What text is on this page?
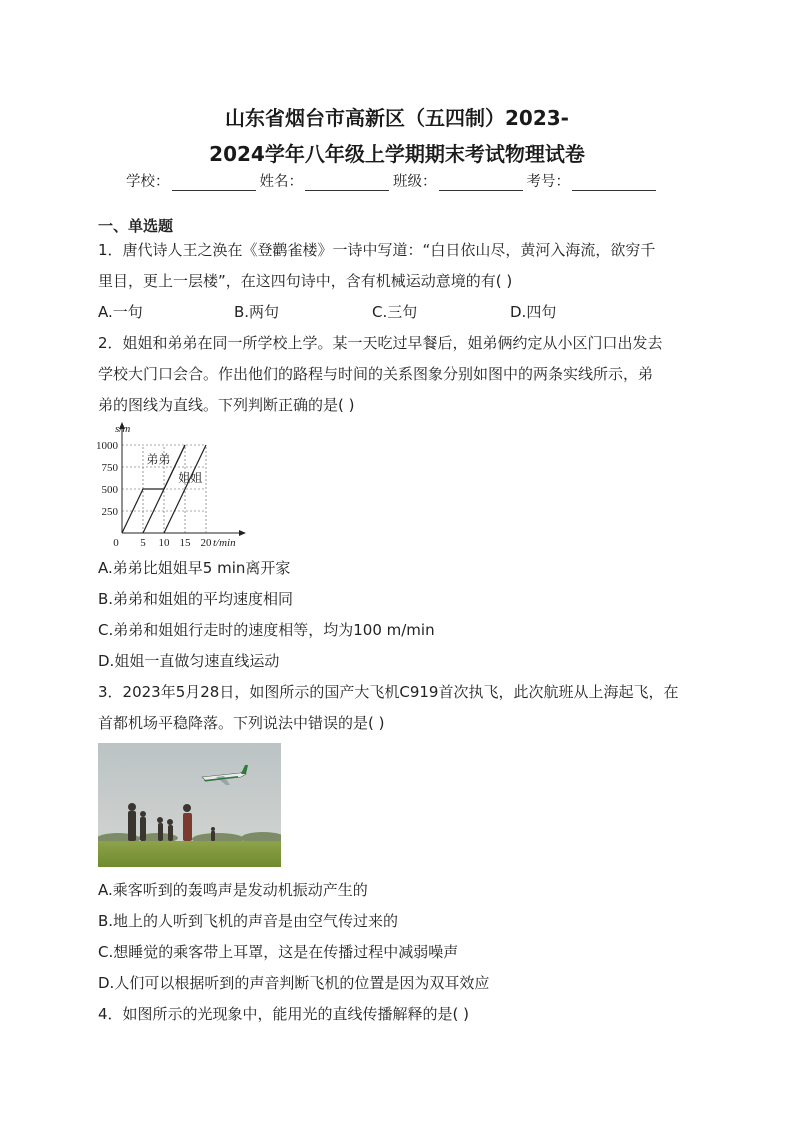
山东省烟台市高新区（五四制）2023-
2024学年八年级上学期期末考试物理试卷
学校：	姓名：	班级：	考号：
一、单选题
1．唐代诗人王之涣在《登鹳雀楼》一诗中写道：“白日依山尽，黄河入海流，欲穷千
里目，更上一层楼”，在这四句诗中，含有机械运动意境的有( )
A.一句	B.两句	C.三句	D.四句
2．姐姐和弟弟在同一所学校上学。某一天吃过早餐后，姐弟俩约定从小区门口出发去
学校大门口会合。作出他们的路程与时间的关系图象分别如图中的两条实线所示，弟
弟的图线为直线。下列判断正确的是( )
250
500
750
1000
5 10 15 20
0
s/m
t/min
弟弟
姐姐
A.弟弟比姐姐早5 min离开家
B.弟弟和姐姐的平均速度相同
C.弟弟和姐姐行走时的速度相等，均为100 m/min
D.姐姐一直做匀速直线运动
3．2023年5月28日，如图所示的国产大飞机C919首次执飞，此次航班从上海起飞，在
首都机场平稳降落。下列说法中错误的是( )
A.乘客听到的轰鸣声是发动机振动产生的
B.地上的人听到飞机的声音是由空气传过来的
C.想睡觉的乘客带上耳罩，这是在传播过程中减弱噪声
D.人们可以根据听到的声音判断飞机的位置是因为双耳效应
4．如图所示的光现象中，能用光的直线传播解释的是( )
